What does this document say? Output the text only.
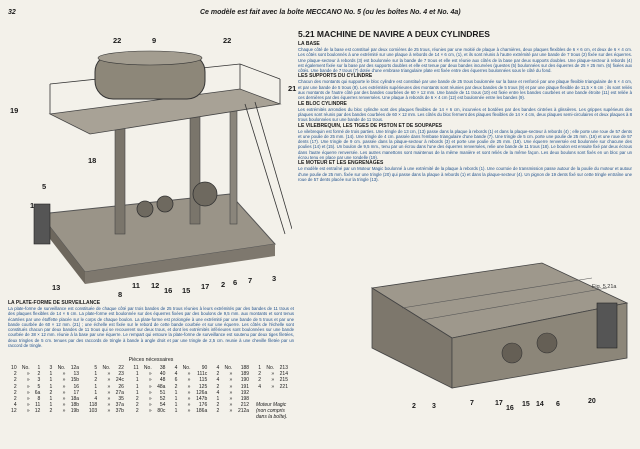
32	Ce modèle est fait avec la boîte MECCANO No. 5 (ou les boîtes No. 4 et No. 4a)
22	9	22
21
19
18
5
1
13
8
11 12
16 15 17 2 6 7	3
5.21 MACHINE DE NAVIRE A DEUX CYLINDRES
LA BASE

Chaque côté de la base est constitué par deux cornières de 25 trous, réunies par une moitié de plaque à charnières, deux plaques flexibles de 6 × 6 cm, et deux de 6 × 4 cm. Les côtés sont boulonnés à une extrémité sur une plaque à rebords de 14 × 6 cm, (1), et ils sont réunis à l'autre extrémité par une bande de 7 trous (2) fixée sur des équerres. Une plaque-secteur à rebords (3) est boulonnée sur la bande de 7 trous et elle est réunie aux côtés de la base par deux supports doubles. Une plaque-secteur à rebords (4) est également fixée sur la base par des supports doubles et elle est tenue par deux bandes incurvées (questes (5) boulonnées sur des équerres de 25 × 25 mm. (6) fixées aux côtés. Une bande de 7 trous (7) dotée d'une embrase triangulaire plate est fixée entre des équerres boulonnées sous le côté du fond.

LES SUPPORTS DU CYLINDRE

Chacun des montants qui supporte le bloc cylindre est constitué par une bande de 25 trous boulonnée sur la base et renforcé par une plaque flexible triangulaire de 6 × 4 cm, et par une bande de 5 trous (8). Les extrémités supérieures des montants sont réunies par deux bandes de 5 trous (9) et par une plaque flexible de 11,5 × 6 cm ; ils sont reliés aux montants de l'autre côté par des bandes courbées de 60 × 12 mm. Une bande de 11 trous (10) est fixée entre les bandes courbées et une bande étroite (11) est reliée à ces dernières par des équerres renversées. Une plaque à rebords de 6 × 4 cm (12) est boulonnée entre les bandes (9).

LE BLOC CYLINDRE

Les extrémités arrondies du bloc cylindre sont des plaques flexibles de 14 × 6 cm, incurvées et bordées par des bandes cintrées à glissières. Les grippes supérieurs des plaques sont réunis par des bandes courbées de 60 × 12 mm. Les côtés du bloc ferment des plaques flexibles de 14 × 4 cm, deux plaques semi-circulaires et deux plaques à 8 trous boulonnées sur une bande de 11 trous.

LE VILEBREQUIN, LES TIGES DE PISTON ET DE SOUPAPES

Le vilebrequin est formé de trois parties. Une tringle de 13 cm, (13) passe dans la plaque à rebords (1) et dans la plaque-secteur à rebords (4) ; elle porte une roue de 57 dents et une poulie de 25 mm. (14). Une tringle de 4 cm. passée dans l'embase triangulaire d'une bande (7). Une tringle de 5 cm. porte une poulie de 25 mm. (16) et une roue de 57 dents (17). Une tringle de 9 cm. passée dans la plaque-secteur à rebords (3) et porte une poulie de 25 mm. (18). Une équerre renversée est boulonnée sur chacune des poulies (14) et (15). Un boulon de 9,5 mm., tenu par un écrou dans l'une des équerres renversées, relie une bande de 11 trous (18). Le boulon est ensuite fixé par deux écrous dans l'autre équerre renversée. Les autres manettons sont maintenus de la même manière et sont reliés de la même façon. Les deux boulons sont fixés en un bloc par un écrou tenu en place par une rondelle (19).

LE MOTEUR ET LES ENGRENAGES

Le modèle est entraîné par un Moteur Magic boulonné à une extrémité de la plaque à rebords (1). Une courroie de transmission passe autour de la poulie du moteur et autour d'une poulie de 25 mm. fixée sur une tringle (20) qui passe dans la plaque à rebords (1) et dans la plaque-secteur (4). Un pignon de 19 dents fixé sur cette tringle entraîne une roue de 57 dents placée sur la tringle (13).

LA PLATE-FORME DE SURVEILLANCE

La plate-forme de surveillance est constituée de chaque côté par trois bandes de 25 trous réunies à leurs extrémités par des bandes de 11 trous et des plaques flexibles de 14 × 6 cm. La plate-forme est boulonnée sur des équerres fixées par des boulons de 9,5 mm. aux montants et sont tenus écartées par une étoffette placée sur le corps de chaque boulon. La plate-forme est prolongée à une extrémité par une bande de 5 trous et par une bande courbée de 60 × 12 mm. (21) ; une échelle est fixée sur le rebord de cette bande courbée et sur une équerre. Les côtés de l'échelle sont constitués chacun par deux bandes de 11 trous qui se recouvrent sur deux trous, et dont les extrémités inférieures sont boulonnées sur une bande courbée de 38 × 12 mm. réunie à la base par une équerre. Le rempart qui entoure la plate-forme de surveillance est soutenu par deux tiges filetées, deux tringles de 5 cm. tenues par des raccords de tringle à bande à angle droit et par une tringle de 2,5 cm. reunie à une cheville filetée par un raccord de tringle.

Fig. 5.21a
2 3	7	17
16
15 14 6	20
Pièces nécessaires
10	No.	1		3	No.	12a		5	No.	22		11	No.	38		4	No.	90		4	No.	188		1	No.	213
2	»	2		1	»	13		1	»	23		1	»	40		4	»	111c		2	»	189		2	»	214
2	»	3		1	»	15b		2	»	24c		1	»	48		6	»	115		4	»	190		2	»	215
2	»	5		1	»	16		1	»	26		1	»	48a		2	»	125		2	»	191		4	»	221
2	»	6a		2	»	17		1	»	27a		1	»	51		1	»	126a		4	»	192				
2	»	8		1	»	18a		4	»	35		2	»	52		1	»	147b		1	»	198				
4	»	11		1	»	18b		118	»	37a		2	»	54		1	»	176		2	»	212				
12	»	12		2	»	19b		103	»	37b		2	»	80c		1	»	186a		2	»	212a				
Moteur Magic (non compris dans la boîte).
